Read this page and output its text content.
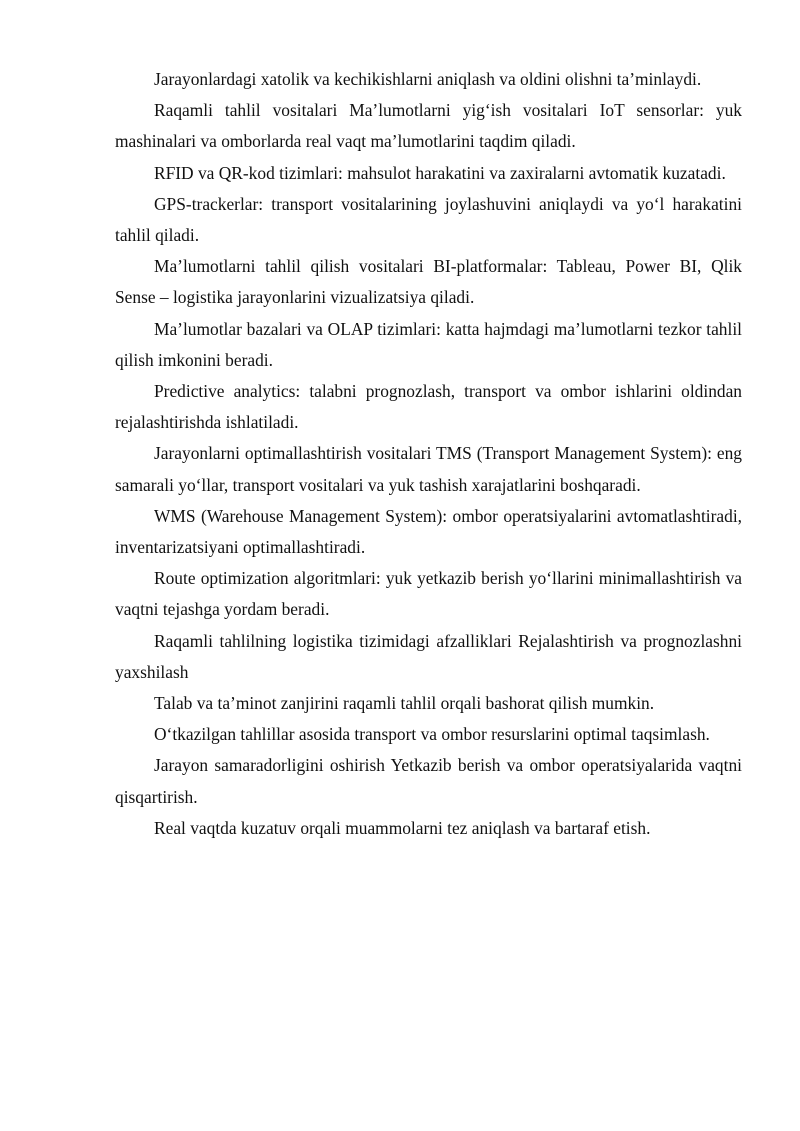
Jarayonlardagi xatolik va kechikishlarni aniqlash va oldini olishni ta’minlaydi.

Raqamli tahlil vositalari Ma’lumotlarni yig‘ish vositalari IoT sensorlar: yuk mashinalari va omborlarda real vaqt ma’lumotlarini taqdim qiladi.

RFID va QR-kod tizimlari: mahsulot harakatini va zaxiralarni avtomatik kuzatadi.

GPS-trackerlar: transport vositalarining joylashuvini aniqlaydi va yo‘l harakatini tahlil qiladi.

Ma’lumotlarni tahlil qilish vositalari BI-platformalar: Tableau, Power BI, Qlik Sense – logistika jarayonlarini vizualizatsiya qiladi.

Ma’lumotlar bazalari va OLAP tizimlari: katta hajmdagi ma’lumotlarni tezkor tahlil qilish imkonini beradi.

Predictive analytics: talabni prognozlash, transport va ombor ishlarini oldindan rejalashtirishda ishlatiladi.

Jarayonlarni optimallashtirish vositalari TMS (Transport Management System): eng samarali yo‘llar, transport vositalari va yuk tashish xarajatlarini boshqaradi.

WMS (Warehouse Management System): ombor operatsiyalarini avtomatlashtiradi, inventarizatsiyani optimallashtiradi.

Route optimization algoritmlari: yuk yetkazib berish yo‘llarini minimallashtirish va vaqtni tejashga yordam beradi.

Raqamli tahlilning logistika tizimidagi afzalliklari Rejalashtirish va prognozlashni yaxshilash

Talab va ta’minot zanjirini raqamli tahlil orqali bashorat qilish mumkin.

O‘tkazilgan tahlillar asosida transport va ombor resurslarini optimal taqsimlash.

Jarayon samaradorligini oshirish Yetkazib berish va ombor operatsiyalarida vaqtni qisqartirish.

Real vaqtda kuzatuv orqali muammolarni tez aniqlash va bartaraf etish.
